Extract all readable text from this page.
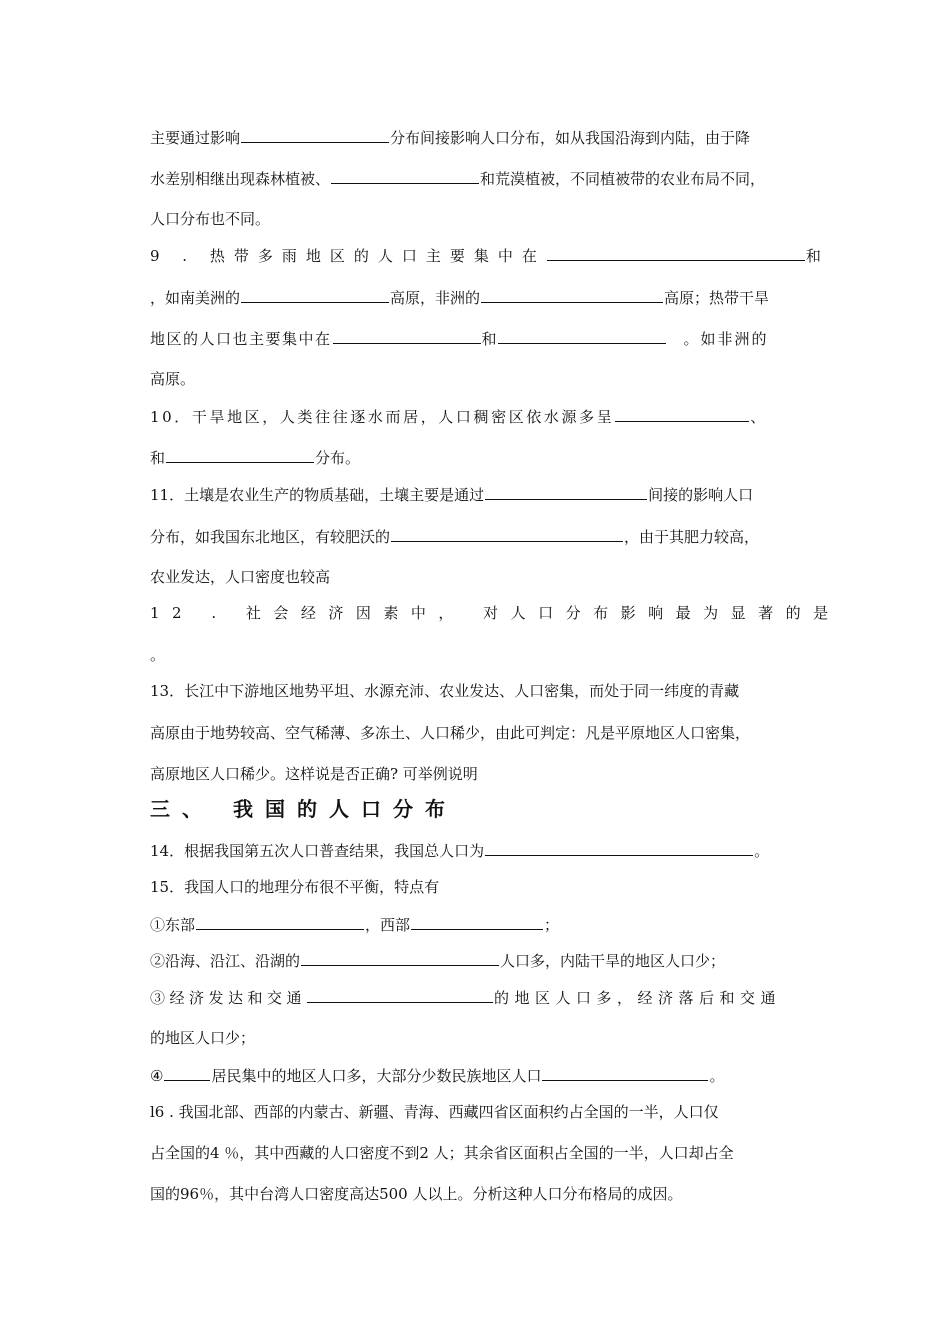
主要通过影响	分布间接影响人口分布，如从我国沿海到内陆，由于降
水差别相继出现森林植被、	和荒漠植被，不同植被带的农业布局不同，
人口分布也不同。
9 . 热带多雨地区的人口主要集中在	和
，如南美洲的	高原，非洲的	高原；热带干旱
地区的人口也主要集中在	和	。如非洲的
高原。
10．干旱地区，人类往往逐水而居，人口稠密区依水源多呈	、
和	分布。
11．土壤是农业生产的物质基础，土壤主要是通过	间接的影响人口
分布，如我国东北地区，有较肥沃的	，由于其肥力较高，
农业发达，人口密度也较高
12 . 社会经济因素中， 对人口分布影响最为显著的是
。
13．长江中下游地区地势平坦、水源充沛、农业发达、人口密集，而处于同一纬度的青藏
高原由于地势较高、空气稀薄、多冻土、人口稀少，由此可判定：凡是平原地区人口密集，
高原地区人口稀少。这样说是否正确? 可举例说明
三、 我国的人口分布
14．根据我国第五次人口普查结果，我国总人口为	。
15．我国人口的地理分布很不平衡，特点有
①东部	，西部	；
②沿海、沿江、沿湖的	人口多，内陆干旱的地区人口少；
③经济发达和交通	的地区人口多，经济落后和交通
的地区人口少；
④	居民集中的地区人口多，大部分少数民族地区人口	。
l6 . 我国北部、西部的内蒙古、新疆、青海、西藏四省区面积约占全国的一半，人口仅
占全国的4 ％，其中西藏的人口密度不到2 人；其余省区面积占全国的一半，人口却占全
国的96％，其中台湾人口密度高达500 人以上。分析这种人口分布格局的成因。
